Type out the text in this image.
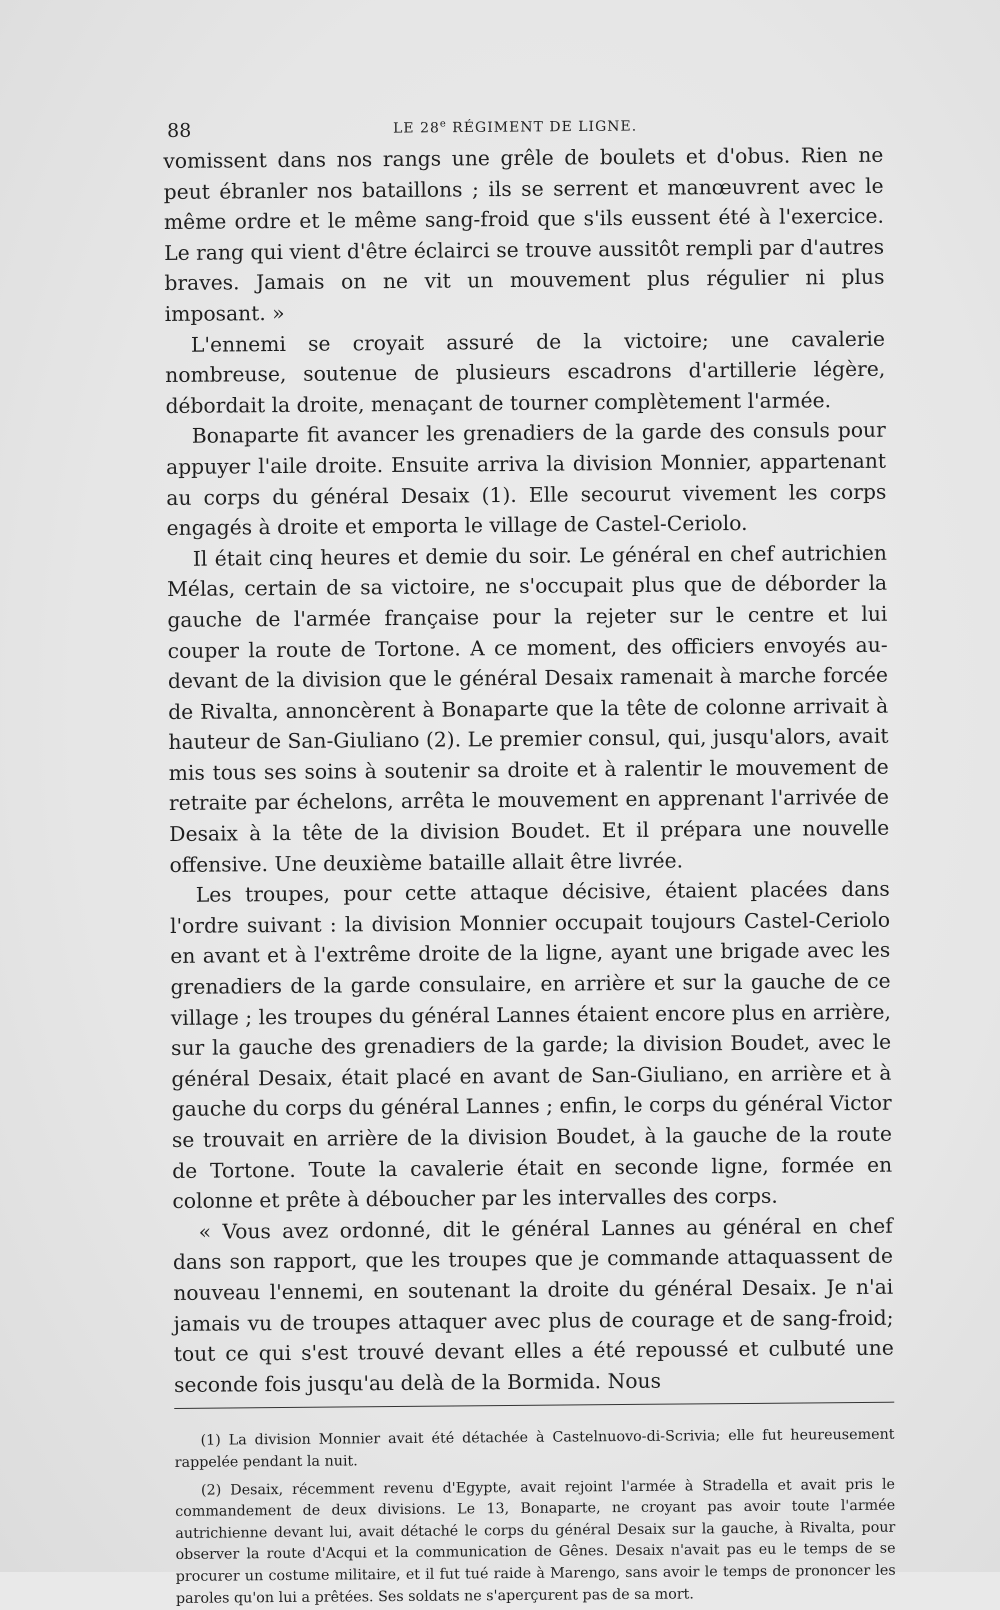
88	LE 28e RÉGIMENT DE LIGNE.

vomissent dans nos rangs une grêle de boulets et d'obus. Rien ne peut ébranler nos bataillons ; ils se serrent et manœuvrent avec le même ordre et le même sang-froid que s'ils eussent été à l'exercice. Le rang qui vient d'être éclairci se trouve aussitôt rempli par d'autres braves. Jamais on ne vit un mouvement plus régulier ni plus imposant. »

L'ennemi se croyait assuré de la victoire; une cavalerie nombreuse, soutenue de plusieurs escadrons d'artillerie légère, débordait la droite, menaçant de tourner complètement l'armée.

Bonaparte fit avancer les grenadiers de la garde des consuls pour appuyer l'aile droite. Ensuite arriva la division Monnier, appartenant au corps du général Desaix (1). Elle secourut vivement les corps engagés à droite et emporta le village de Castel-Ceriolo.

Il était cinq heures et demie du soir. Le général en chef autrichien Mélas, certain de sa victoire, ne s'occupait plus que de déborder la gauche de l'armée française pour la rejeter sur le centre et lui couper la route de Tortone. A ce moment, des officiers envoyés au-devant de la division que le général Desaix ramenait à marche forcée de Rivalta, annoncèrent à Bonaparte que la tête de colonne arrivait à hauteur de San-Giuliano (2). Le premier consul, qui, jusqu'alors, avait mis tous ses soins à soutenir sa droite et à ralentir le mouvement de retraite par échelons, arrêta le mouvement en apprenant l'arrivée de Desaix à la tête de la division Boudet. Et il prépara une nouvelle offensive. Une deuxième bataille allait être livrée.

Les troupes, pour cette attaque décisive, étaient placées dans l'ordre suivant : la division Monnier occupait toujours Castel-Ceriolo en avant et à l'extrême droite de la ligne, ayant une brigade avec les grenadiers de la garde consulaire, en arrière et sur la gauche de ce village ; les troupes du général Lannes étaient encore plus en arrière, sur la gauche des grenadiers de la garde; la division Boudet, avec le général Desaix, était placé en avant de San-Giuliano, en arrière et à gauche du corps du général Lannes ; enfin, le corps du général Victor se trouvait en arrière de la division Boudet, à la gauche de la route de Tortone. Toute la cavalerie était en seconde ligne, formée en colonne et prête à déboucher par les intervalles des corps.

« Vous avez ordonné, dit le général Lannes au général en chef dans son rapport, que les troupes que je commande attaquassent de nouveau l'ennemi, en soutenant la droite du général Desaix. Je n'ai jamais vu de troupes attaquer avec plus de courage et de sang-froid; tout ce qui s'est trouvé devant elles a été repoussé et culbuté une seconde fois jusqu'au delà de la Bormida. Nous

(1) La division Monnier avait été détachée à Castelnuovo-di-Scrivia; elle fut heureusement rappelée pendant la nuit.

(2) Desaix, récemment revenu d'Egypte, avait rejoint l'armée à Stradella et avait pris le commandement de deux divisions. Le 13, Bonaparte, ne croyant pas avoir toute l'armée autrichienne devant lui, avait détaché le corps du général Desaix sur la gauche, à Rivalta, pour observer la route d'Acqui et la communication de Gênes. Desaix n'avait pas eu le temps de se procurer un costume militaire, et il fut tué raide à Marengo, sans avoir le temps de prononcer les paroles qu'on lui a prêtées. Ses soldats ne s'aperçurent pas de sa mort.
